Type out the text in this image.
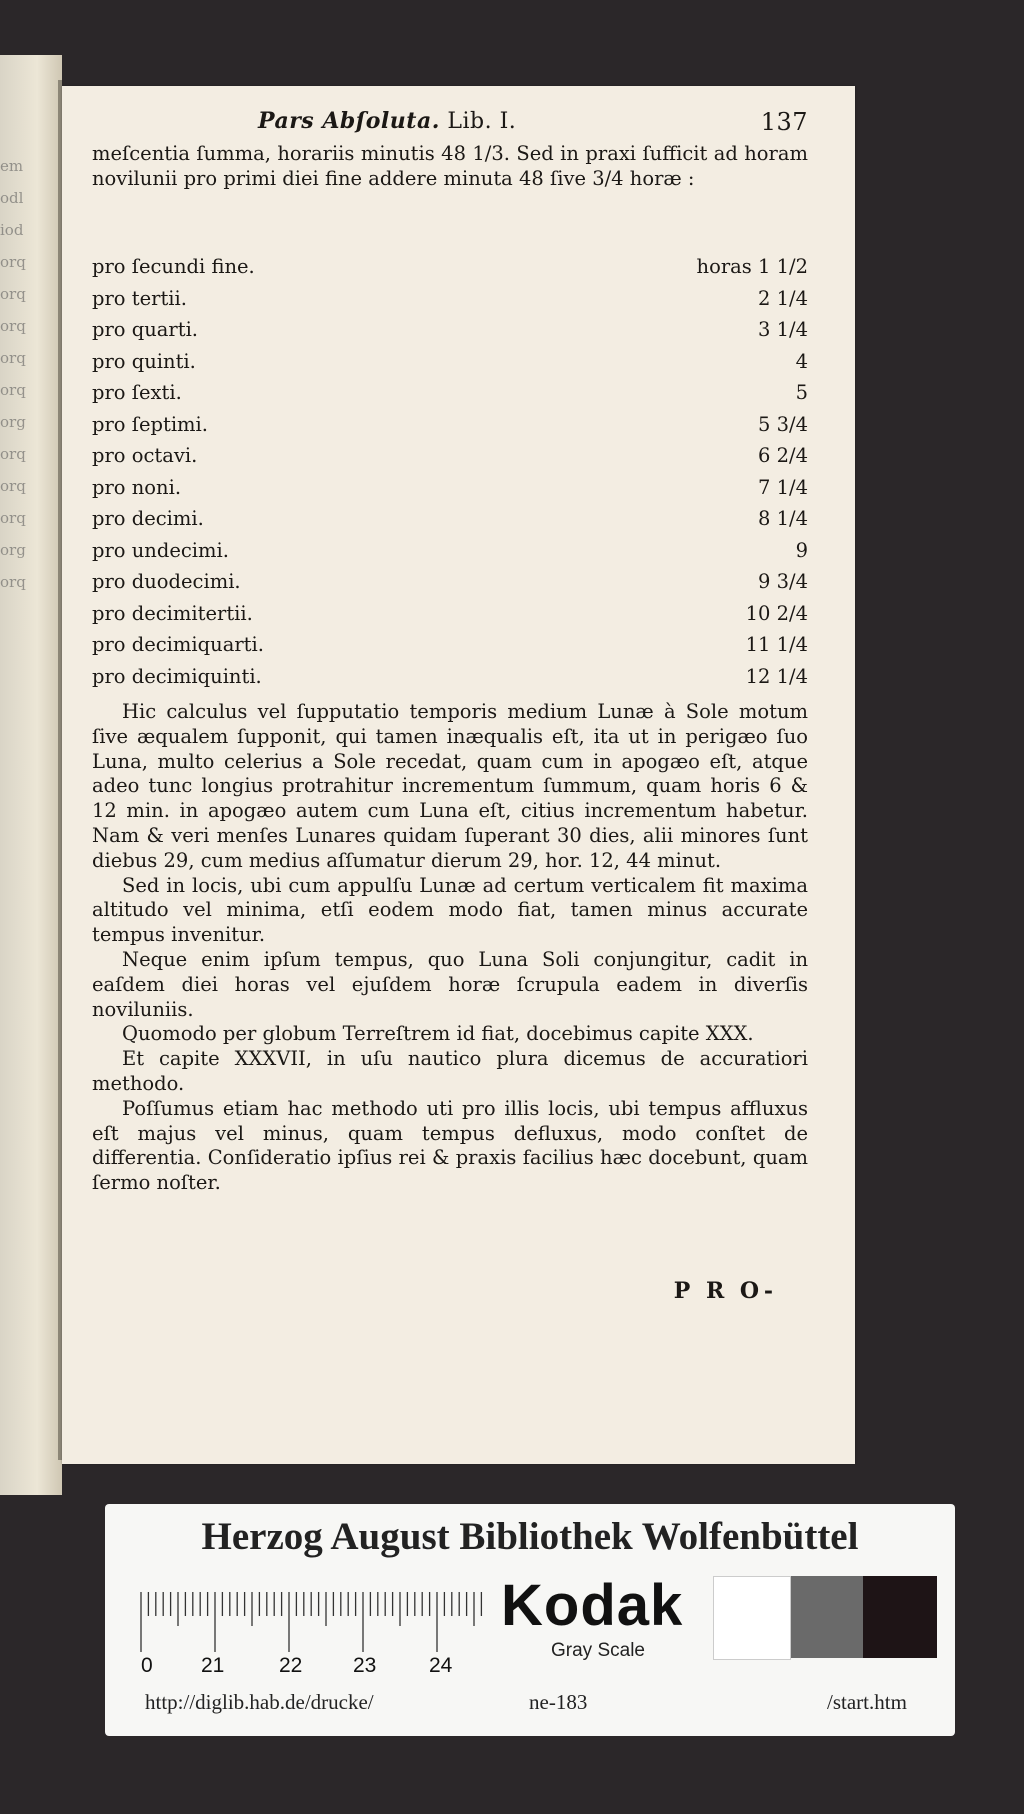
em
odl
iod
orq
orq
orq
orq
orq
org
orq
orq
orq
org
orq
Pars Abſoluta. Lib. I.	137

meſcentia ſumma, horariis minutis 48 1/3. Sed in praxi ſufficit ad horam novilunii pro primi diei fine addere minuta 48 ſive 3/4 horæ :

pro ſecundi fine.	horas 1 1/2
pro tertii.	2 1/4
pro quarti.	3 1/4
pro quinti.	4
pro ſexti.	5
pro ſeptimi.	5 3/4
pro octavi.	6 2/4
pro noni.	7 1/4
pro decimi.	8 1/4
pro undecimi.	9
pro duodecimi.	9 3/4
pro decimitertii.	10 2/4
pro decimiquarti.	11 1/4
pro decimiquinti.	12 1/4

Hic calculus vel ſupputatio temporis medium Lunæ à Sole motum ſive æqualem ſupponit, qui tamen inæqualis eſt, ita ut in perigæo ſuo Luna, multo celerius a Sole recedat, quam cum in apogæo eſt, atque adeo tunc longius protrahitur incrementum ſummum, quam horis 6 & 12 min. in apogæo autem cum Luna eſt, citius incrementum habetur. Nam & veri menſes Lunares quidam ſuperant 30 dies, alii minores ſunt diebus 29, cum medius aſſumatur dierum 29, hor. 12, 44 minut.

Sed in locis, ubi cum appulſu Lunæ ad certum verticalem fit maxima altitudo vel minima, etſi eodem modo fiat, tamen minus accurate tempus invenitur.

Neque enim ipſum tempus, quo Luna Soli conjungitur, cadit in eaſdem diei horas vel ejuſdem horæ ſcrupula eadem in diverſis noviluniis.

Quomodo per globum Terreſtrem id fiat, docebimus capite XXX.

Et capite XXXVII, in uſu nautico plura dicemus de accuratiori methodo.

Poſſumus etiam hac methodo uti pro illis locis, ubi tempus affluxus eſt majus vel minus, quam tempus defluxus, modo conſtet de differentia. Conſideratio ipſius rei & praxis facilius hæc docebunt, quam ſermo noſter.

P R O-
Herzog August Bibliothek Wolfenbüttel
0 21	22 23	24
Kodak
Gray Scale
http://diglib.hab.de/drucke/	ne-183	/start.htm
